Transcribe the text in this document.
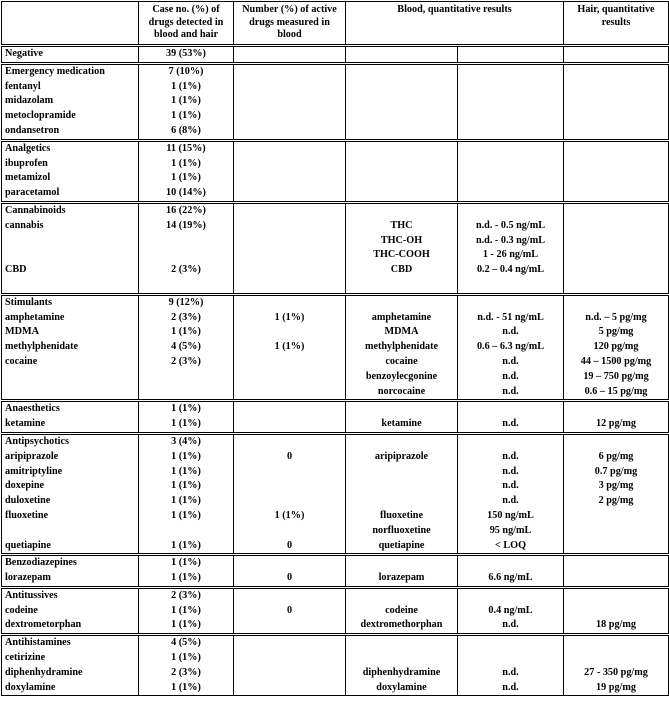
	Case no. (%) of drugs detected in blood and hair	Number (%) of active drugs measured in blood	Blood, quantitative results		Hair, quantitative results
Negative	39 (53%)				
Emergency medication	7 (10%)				
fentanyl	1 (1%)				
midazolam	1 (1%)				
metoclopramide	1 (1%)				
ondansetron	6 (8%)				
Analgetics	11 (15%)				
ibuprofen	1 (1%)				
metamizol	1 (1%)				
paracetamol	10 (14%)				
Cannabinoids	16 (22%)				
cannabis	14 (19%)		THC	n.d. - 0.5 ng/mL	
			THC-OH	n.d. - 0.3 ng/mL	
			THC-COOH	1 - 26 ng/mL	
CBD	2 (3%)		CBD	0.2 – 0.4 ng/mL	

Stimulants	9 (12%)				
amphetamine	2 (3%)	1 (1%)	amphetamine	n.d. - 51 ng/mL	n.d. – 5 pg/mg
MDMA	1 (1%)		MDMA	n.d.	5 pg/mg
methylphenidate	4 (5%)	1 (1%)	methylphenidate	0.6 – 6.3 ng/mL	120 pg/mg
cocaine	2 (3%)		cocaine	n.d.	44 – 1500 pg/mg
			benzoylecgonine	n.d.	19 – 750 pg/mg
			norcocaine	n.d.	0.6 – 15 pg/mg
Anaesthetics	1 (1%)				
ketamine	1 (1%)		ketamine	n.d.	12 pg/mg
Antipsychotics	3 (4%)				
aripiprazole	1 (1%)	0	aripiprazole	n.d.	6 pg/mg
amitriptyline	1 (1%)			n.d.	0.7 pg/mg
doxepine	1 (1%)			n.d.	3 pg/mg
duloxetine	1 (1%)			n.d.	2 pg/mg
fluoxetine	1 (1%)	1 (1%)	fluoxetine	150 ng/mL	
			norfluoxetine	95 ng/mL	
quetiapine	1 (1%)	0	quetiapine	< LOQ	
Benzodiazepines	1 (1%)				
lorazepam	1 (1%)	0	lorazepam	6.6 ng/mL	
Antitussives	2 (3%)				
codeine	1 (1%)	0	codeine	0.4 ng/mL	
dextrometorphan	1 (1%)		dextromethorphan	n.d.	18 pg/mg
Antihistamines	4 (5%)				
cetirizine	1 (1%)				
diphenhydramine	2 (3%)		diphenhydramine	n.d.	27 - 350 pg/mg
doxylamine	1 (1%)		doxylamine	n.d.	19 pg/mg
